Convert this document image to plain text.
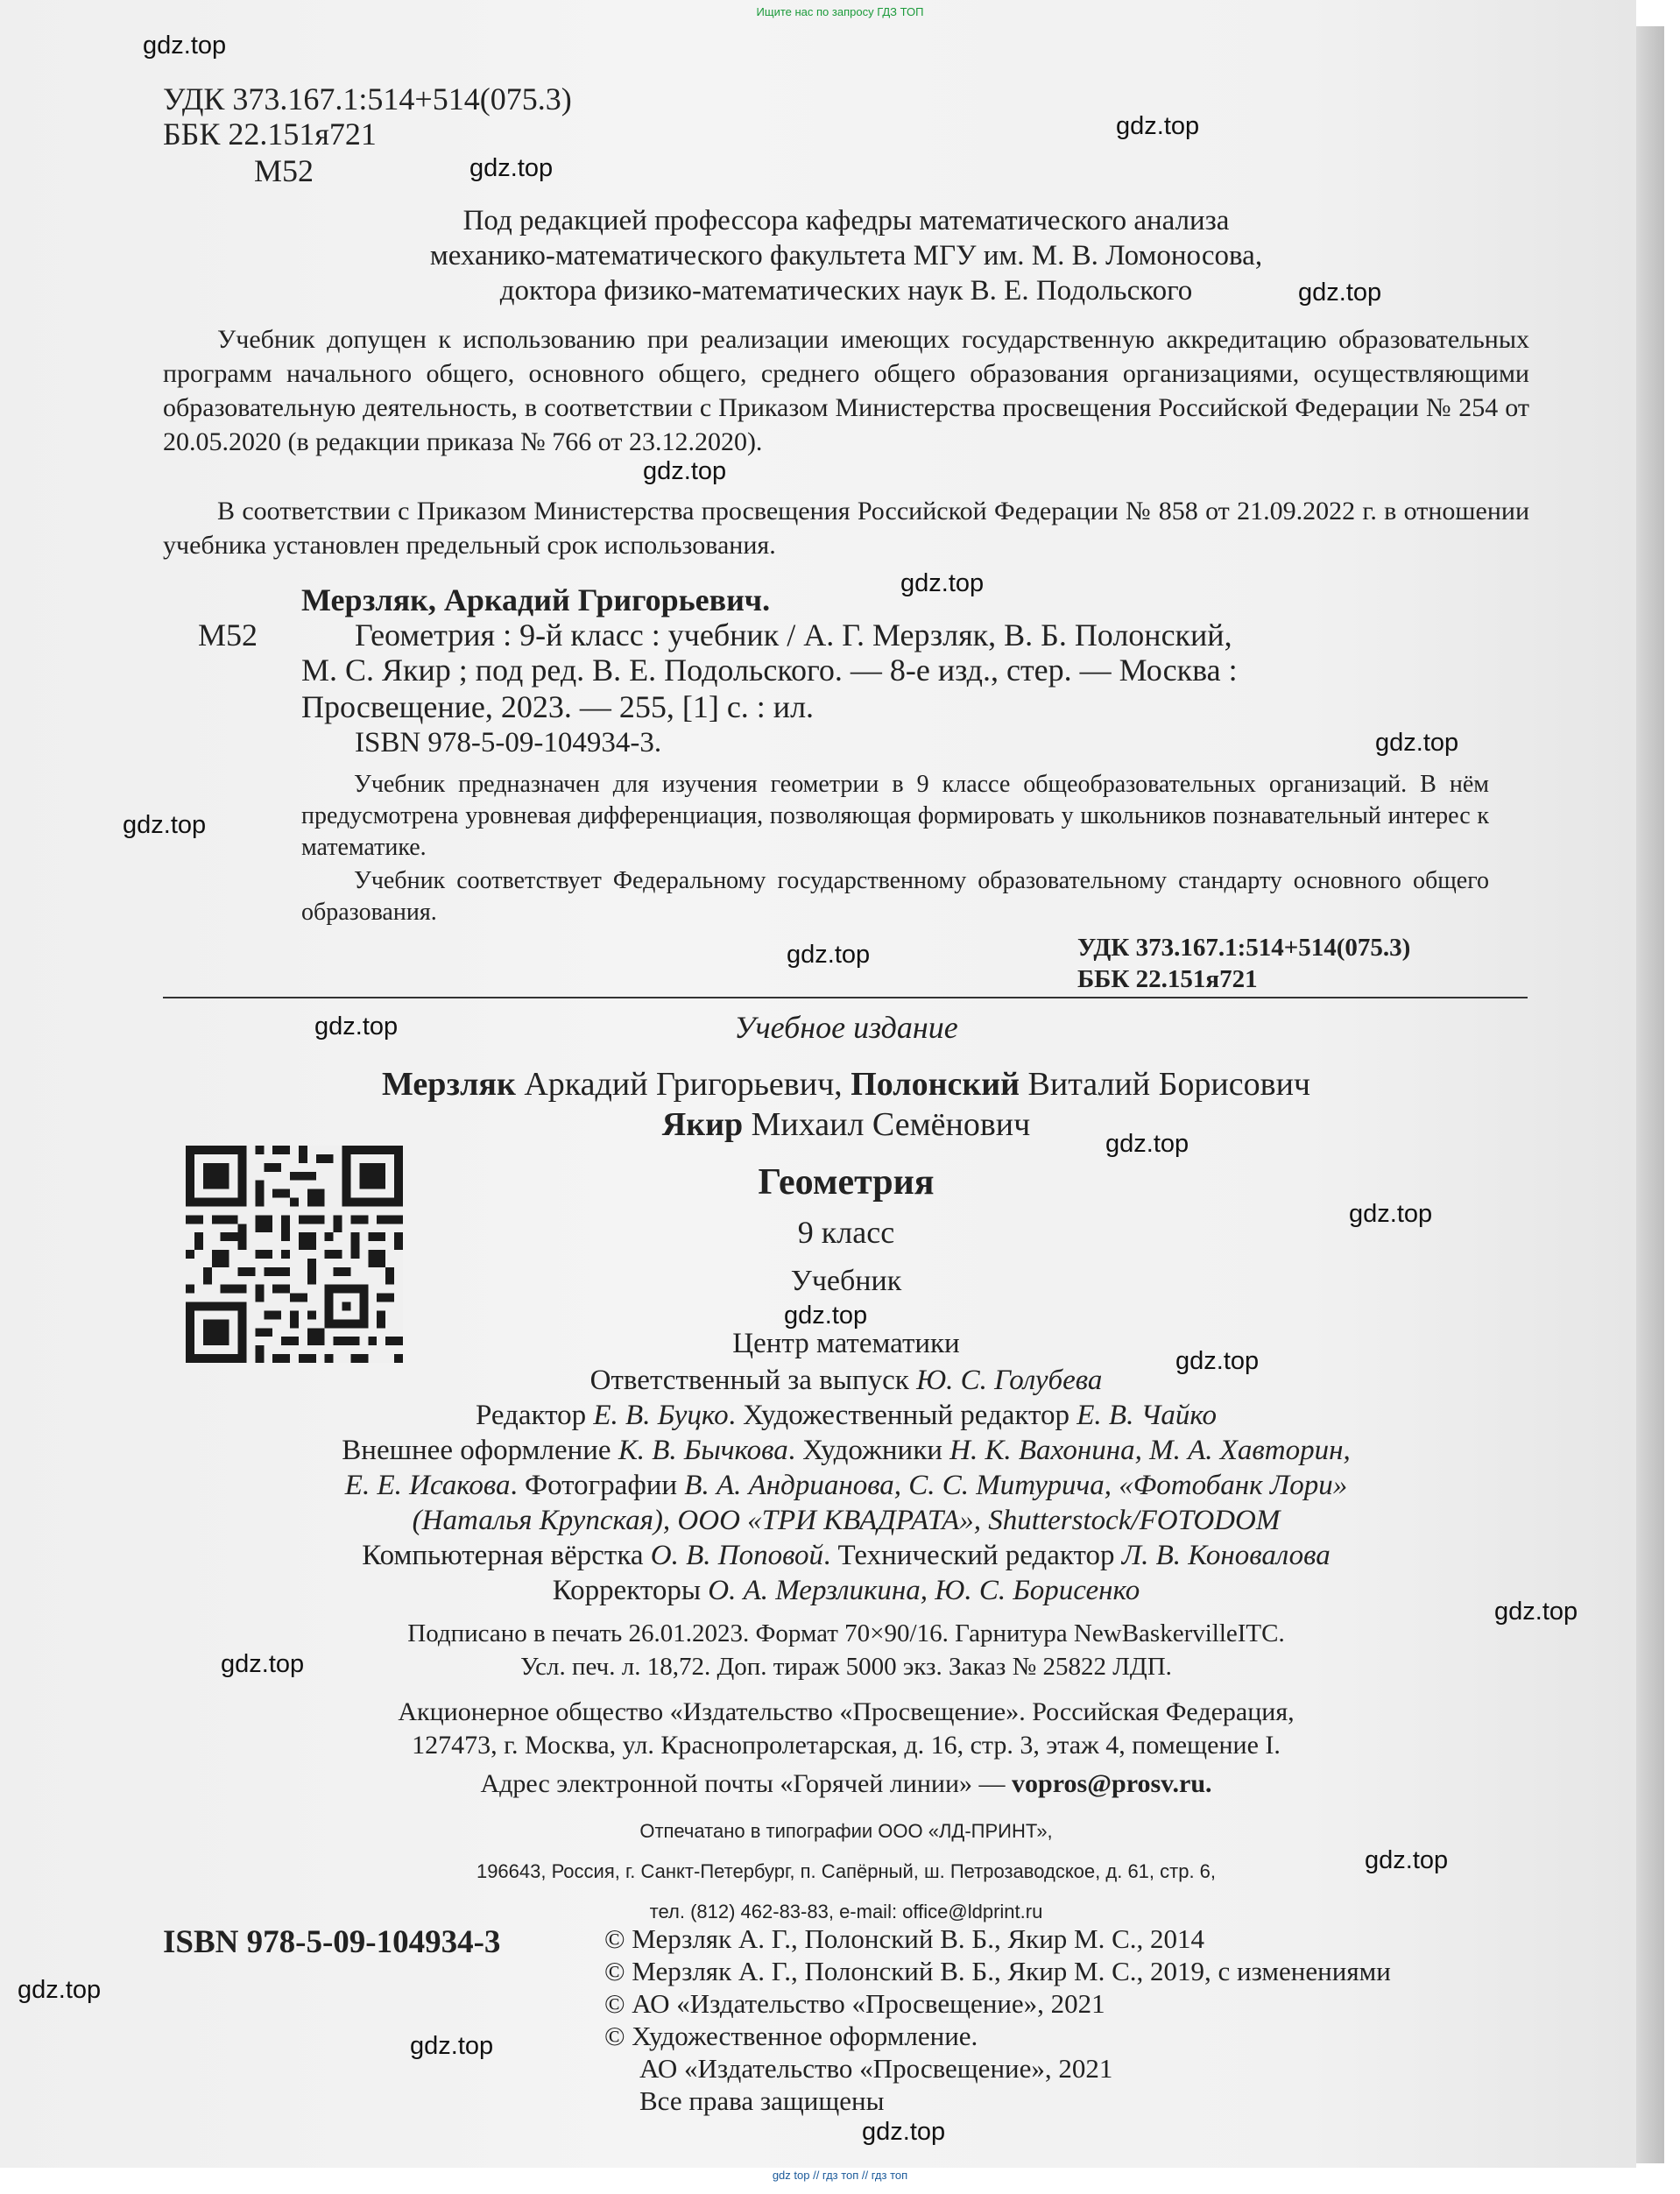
Ищите нас по запросу ГДЗ ТОП
УДК 373.167.1:514+514(075.3)
ББК 22.151я721
М52
Под редакцией профессора кафедры математического анализа
механико-математического факультета МГУ им. М. В. Ломоносова,
доктора физико-математических наук В. Е. Подольского
Учебник допущен к использованию при реализации имеющих государственную аккредитацию образовательных программ начального общего, основного общего, среднего общего образования организациями, осуществляющими образовательную деятельность, в соответствии с Приказом Министерства просвещения Российской Федерации № 254 от 20.05.2020 (в редакции приказа № 766 от 23.12.2020).
В соответствии с Приказом Министерства просвещения Российской Федерации № 858 от 21.09.2022 г. в отношении учебника установлен предельный срок использования.
Мерзляк, Аркадий Григорьевич.
М52	Геометрия : 9-й класс : учебник / А. Г. Мерзляк, В. Б. Полонский,
М. С. Якир ; под ред. В. Е. Подольского. — 8-е изд., стер. — Москва :
Просвещение, 2023. — 255, [1] с. : ил.
ISBN 978-5-09-104934-3.
Учебник предназначен для изучения геометрии в 9 классе общеобразовательных организаций. В нём предусмотрена уровневая дифференциация, позволяющая формировать у школьников познавательный интерес к математике.
Учебник соответствует Федеральному государственному образовательному стандарту основного общего образования.
УДК 373.167.1:514+514(075.3)
ББК 22.151я721
Учебное издание
Мерзляк Аркадий Григорьевич, Полонский Виталий Борисович
Якир Михаил Семёнович
Геометрия
9 класс
Учебник
Центр математики
Ответственный за выпуск Ю. С. Голубева
Редактор Е. В. Буцко. Художественный редактор Е. В. Чайко
Внешнее оформление К. В. Бычкова. Художники Н. К. Вахонина, М. А. Хавторин,
Е. Е. Исакова. Фотографии В. А. Андрианова, С. С. Митурича, «Фотобанк Лори»
(Наталья Крупская), ООО «ТРИ КВАДРАТА», Shutterstock/FOTODOM
Компьютерная вёрстка О. В. Поповой. Технический редактор Л. В. Коновалова
Корректоры О. А. Мерзликина, Ю. С. Борисенко
Подписано в печать 26.01.2023. Формат 70×90/16. Гарнитура NewBaskervilleITC.
Усл. печ. л. 18,72. Доп. тираж 5000 экз. Заказ № 25822 ЛДП.
Акционерное общество «Издательство «Просвещение». Российская Федерация,
127473, г. Москва, ул. Краснопролетарская, д. 16, стр. 3, этаж 4, помещение I.
Адрес электронной почты «Горячей линии» — vopros@prosv.ru.
Отпечатано в типографии ООО «ЛД-ПРИНТ»,
196643, Россия, г. Санкт-Петербург, п. Сапёрный, ш. Петрозаводское, д. 61, стр. 6,
тел. (812) 462-83-83, e-mail: office@ldprint.ru
ISBN 978-5-09-104934-3	© Мерзляк А. Г., Полонский В. Б., Якир М. С., 2014
© Мерзляк А. Г., Полонский В. Б., Якир М. С., 2019, с изменениями
© АО «Издательство «Просвещение», 2021
© Художественное оформление.
АО «Издательство «Просвещение», 2021
Все права защищены
gdz.top
gdz.top
gdz.top
gdz.top
gdz.top
gdz.top
gdz.top
gdz.top
gdz.top
gdz.top
gdz.top
gdz.top
gdz.top
gdz.top
gdz.top
gdz.top
gdz.top
gdz.top
gdz.top
gdz.top
gdz top // гдз топ // гдз топ
